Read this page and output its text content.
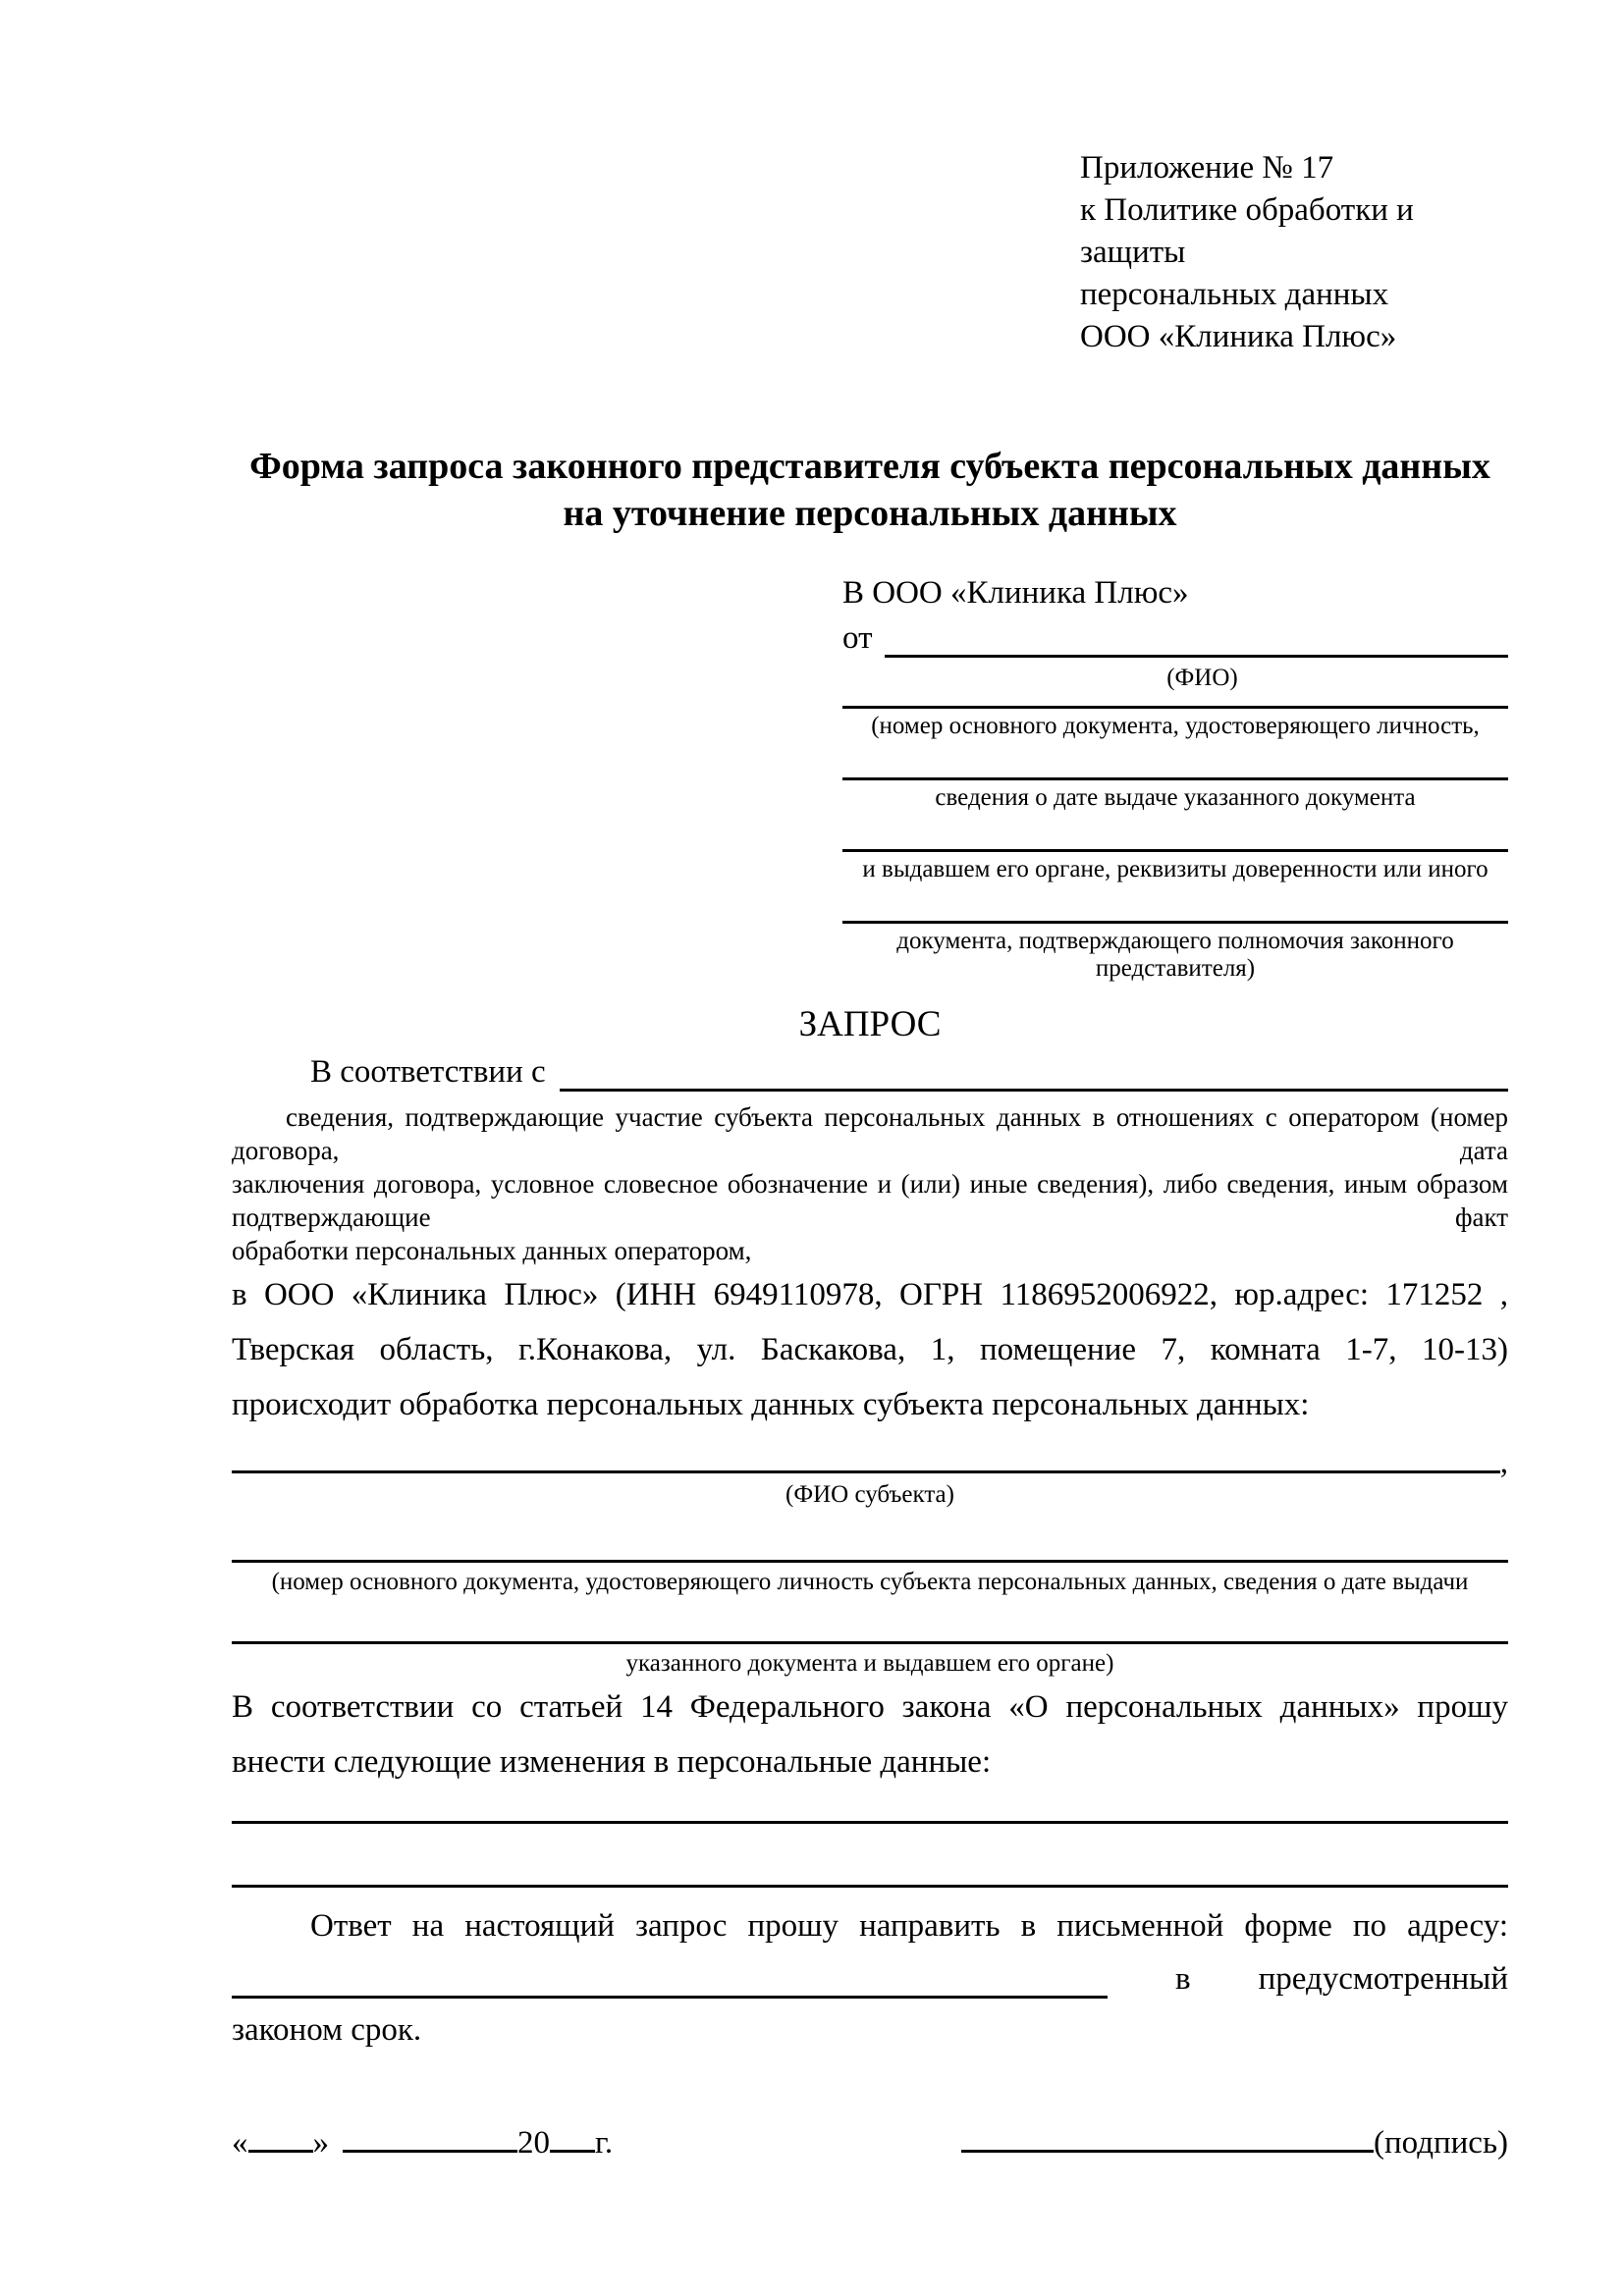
Приложение № 17
к Политике обработки и защиты
персональных данных
ООО «Клиника Плюс»
Форма запроса законного представителя субъекта персональных данных
на уточнение персональных данных
В ООО «Клиника Плюс»
от
(ФИО)
(номер основного документа, удостоверяющего личность,
сведения о дате выдаче указанного документа
и выдавшем его органе, реквизиты доверенности или иного
документа, подтверждающего полномочия законного представителя)
ЗАПРОС
В соответствии с
сведения, подтверждающие участие субъекта персональных данных в отношениях с оператором (номер договора, дата
заключения договора, условное словесное обозначение и (или) иные сведения), либо сведения, иным образом подтверждающие факт
обработки персональных данных оператором,
в ООО «Клиника Плюс» (ИНН 6949110978, ОГРН 1186952006922, юр.адрес: 171252 ,
Тверская область, г.Конакова, ул. Баскакова, 1, помещение 7, комната 1-7, 10-13)
происходит обработка персональных данных субъекта персональных данных:
,
(ФИО субъекта)
(номер основного документа, удостоверяющего личность субъекта персональных данных, сведения о дате выдачи
указанного документа и выдавшем его органе)
В соответствии со статьей 14 Федерального закона «О персональных данных» прошу
внести следующие изменения в персональные данные:
Ответ на настоящий запрос прошу направить в письменной форме по адресу:
в предусмотренный
законом срок.
« »	20 г.	(подпись)
